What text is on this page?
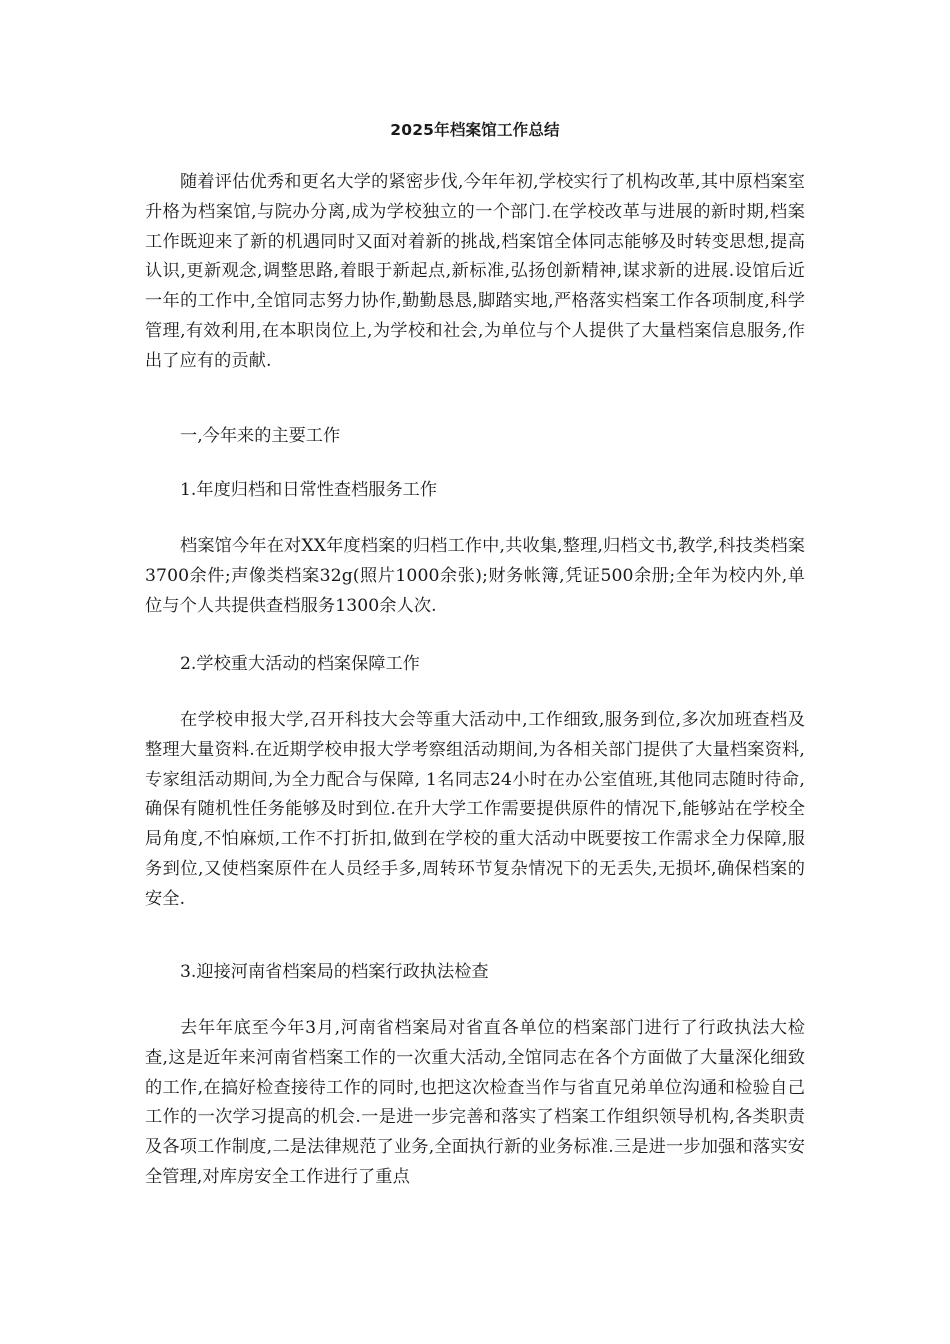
2025年档案馆工作总结

随着评估优秀和更名大学的紧密步伐,今年年初,学校实行了机构改革,其中原档案室升格为档案馆,与院办分离,成为学校独立的一个部门.在学校改革与进展的新时期,档案工作既迎来了新的机遇同时又面对着新的挑战,档案馆全体同志能够及时转变思想,提高认识,更新观念,调整思路,着眼于新起点,新标准,弘扬创新精神,谋求新的进展.设馆后近一年的工作中,全馆同志努力协作,勤勤恳恳,脚踏实地,严格落实档案工作各项制度,科学管理,有效利用,在本职岗位上,为学校和社会,为单位与个人提供了大量档案信息服务,作出了应有的贡献.

一,今年来的主要工作

1.年度归档和日常性查档服务工作

档案馆今年在对XX年度档案的归档工作中,共收集,整理,归档文书,教学,科技类档案3700余件;声像类档案32g(照片1000余张);财务帐簿,凭证500余册;全年为校内外,单位与个人共提供查档服务1300余人次.

2.学校重大活动的档案保障工作

在学校申报大学,召开科技大会等重大活动中,工作细致,服务到位,多次加班查档及整理大量资料.在近期学校申报大学考察组活动期间,为各相关部门提供了大量档案资料,专家组活动期间,为全力配合与保障, 1名同志24小时在办公室值班,其他同志随时待命,确保有随机性任务能够及时到位.在升大学工作需要提供原件的情况下,能够站在学校全局角度,不怕麻烦,工作不打折扣,做到在学校的重大活动中既要按工作需求全力保障,服务到位,又使档案原件在人员经手多,周转环节复杂情况下的无丢失,无损坏,确保档案的安全.

3.迎接河南省档案局的档案行政执法检查

去年年底至今年3月,河南省档案局对省直各单位的档案部门进行了行政执法大检查,这是近年来河南省档案工作的一次重大活动,全馆同志在各个方面做了大量深化细致的工作,在搞好检查接待工作的同时,也把这次检查当作与省直兄弟单位沟通和检验自己工作的一次学习提高的机会.一是进一步完善和落实了档案工作组织领导机构,各类职责及各项工作制度,二是法律规范了业务,全面执行新的业务标准.三是进一步加强和落实安全管理,对库房安全工作进行了重点
